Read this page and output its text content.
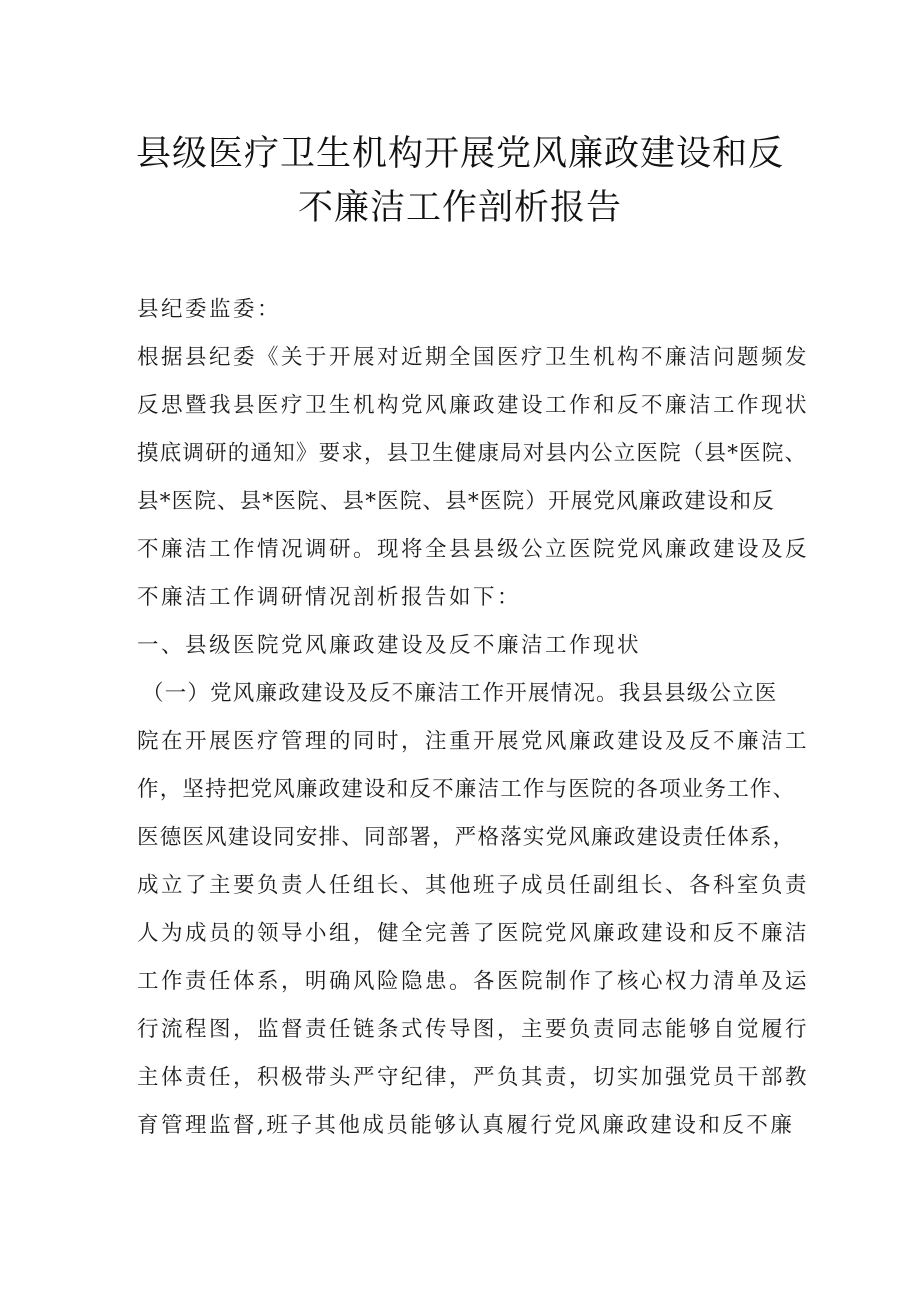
县级医疗卫生机构开展党风廉政建设和反
不廉洁工作剖析报告
县纪委监委：
根据县纪委《关于开展对近期全国医疗卫生机构不廉洁问题频发
反思暨我县医疗卫生机构党风廉政建设工作和反不廉洁工作现状
摸底调研的通知》要求，县卫生健康局对县内公立医院（县*医院、
县*医院、县*医院、县*医院、县*医院）开展党风廉政建设和反
不廉洁工作情况调研。现将全县县级公立医院党风廉政建设及反
不廉洁工作调研情况剖析报告如下：
一、县级医院党风廉政建设及反不廉洁工作现状
（一）党风廉政建设及反不廉洁工作开展情况。我县县级公立医
院在开展医疗管理的同时，注重开展党风廉政建设及反不廉洁工
作，坚持把党风廉政建设和反不廉洁工作与医院的各项业务工作、
医德医风建设同安排、同部署，严格落实党风廉政建设责任体系，
成立了主要负责人任组长、其他班子成员任副组长、各科室负责
人为成员的领导小组，健全完善了医院党风廉政建设和反不廉洁
工作责任体系，明确风险隐患。各医院制作了核心权力清单及运
行流程图，监督责任链条式传导图，主要负责同志能够自觉履行
主体责任，积极带头严守纪律，严负其责，切实加强党员干部教
育管理监督,班子其他成员能够认真履行党风廉政建设和反不廉
